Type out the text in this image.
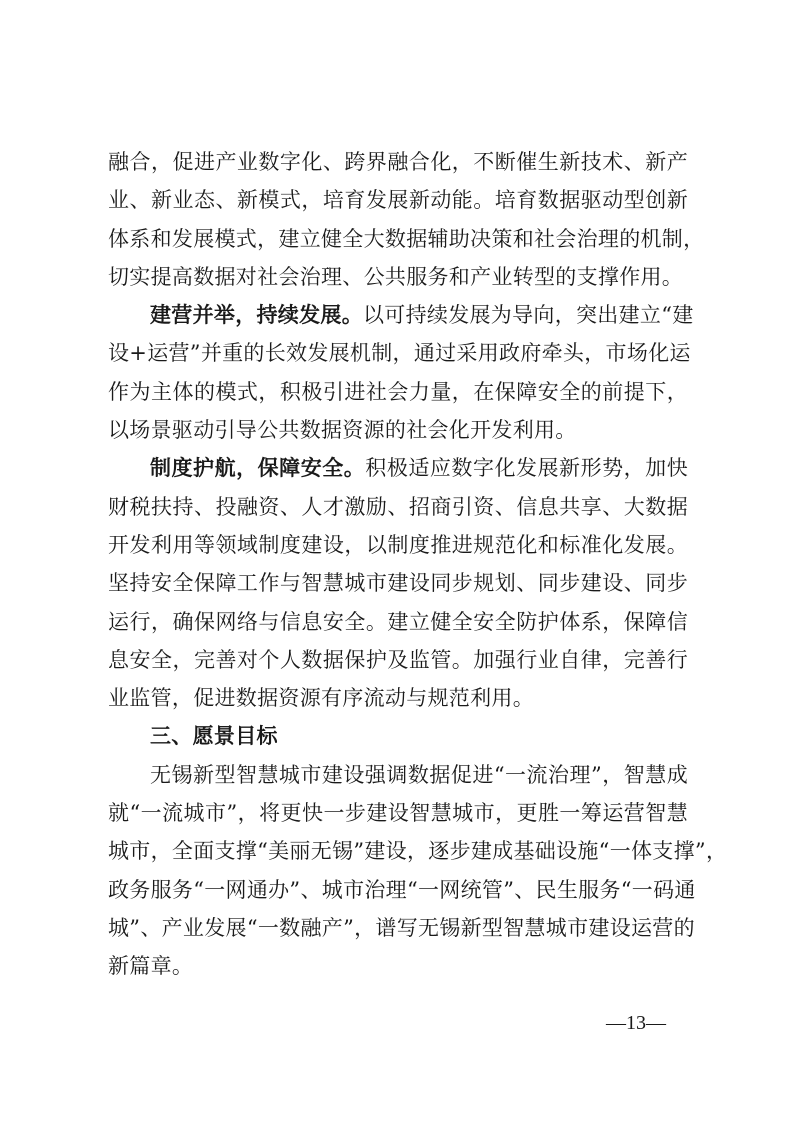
融合，促进产业数字化、跨界融合化，不断催生新技术、新产
业、新业态、新模式，培育发展新动能。培育数据驱动型创新
体系和发展模式，建立健全大数据辅助决策和社会治理的机制，
切实提高数据对社会治理、公共服务和产业转型的支撑作用。
建营并举，持续发展。以可持续发展为导向，突出建立“建
设+运营”并重的长效发展机制，通过采用政府牵头，市场化运
作为主体的模式，积极引进社会力量，在保障安全的前提下，
以场景驱动引导公共数据资源的社会化开发利用。
制度护航，保障安全。积极适应数字化发展新形势，加快
财税扶持、投融资、人才激励、招商引资、信息共享、大数据
开发利用等领域制度建设，以制度推进规范化和标准化发展。
坚持安全保障工作与智慧城市建设同步规划、同步建设、同步
运行，确保网络与信息安全。建立健全安全防护体系，保障信
息安全，完善对个人数据保护及监管。加强行业自律，完善行
业监管，促进数据资源有序流动与规范利用。
三、愿景目标
无锡新型智慧城市建设强调数据促进“一流治理”，智慧成
就“一流城市”，将更快一步建设智慧城市，更胜一筹运营智慧
城市，全面支撑“美丽无锡”建设，逐步建成基础设施“一体支撑”，
政务服务“一网通办”、城市治理“一网统管”、民生服务“一码通
城”、产业发展“一数融产”，谱写无锡新型智慧城市建设运营的
新篇章。
—13—
